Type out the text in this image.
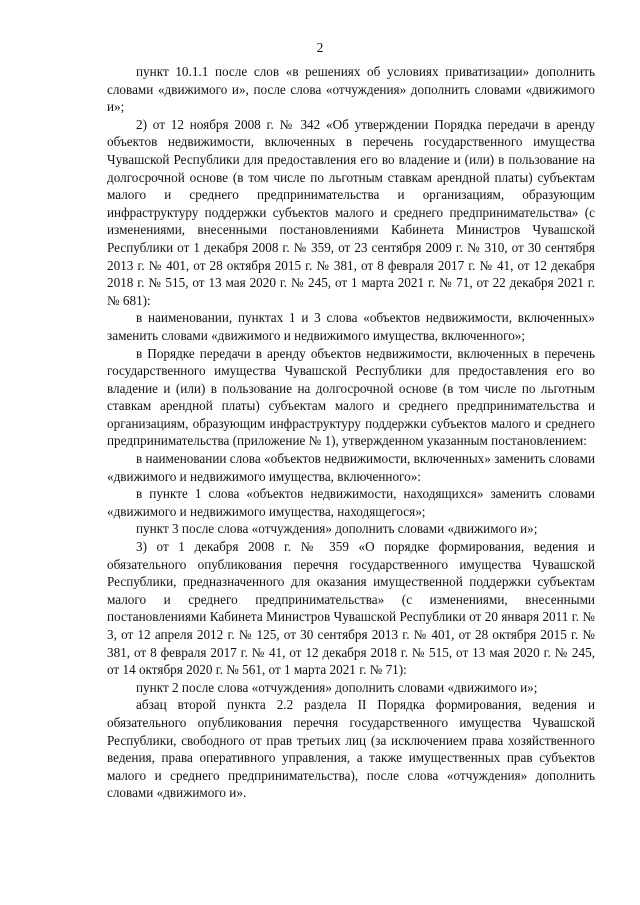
2

пункт 10.1.1 после слов «в решениях об условиях приватизации» дополнить словами «движимого и», после слова «отчуждения» дополнить словами «движимого и»;

2) от 12 ноября 2008 г. № 342 «Об утверждении Порядка передачи в аренду объектов недвижимости, включенных в перечень государственного имущества Чувашской Республики для предоставления его во владение и (или) в пользование на долгосрочной основе (в том числе по льготным ставкам арендной платы) субъектам малого и среднего предпринимательства и организациям, образующим инфраструктуру поддержки субъектов малого и среднего предпринимательства» (с изменениями, внесенными постановлениями Кабинета Министров Чувашской Республики от 1 декабря 2008 г. № 359, от 23 сентября 2009 г. № 310, от 30 сентября 2013 г. № 401, от 28 октября 2015 г. № 381, от 8 февраля 2017 г. № 41, от 12 декабря 2018 г. № 515, от 13 мая 2020 г. № 245, от 1 марта 2021 г. № 71, от 22 декабря 2021 г. № 681):

в наименовании, пунктах 1 и 3 слова «объектов недвижимости, включенных» заменить словами «движимого и недвижимого имущества, включенного»;

в Порядке передачи в аренду объектов недвижимости, включенных в перечень государственного имущества Чувашской Республики для предоставления его во владение и (или) в пользование на долгосрочной основе (в том числе по льготным ставкам арендной платы) субъектам малого и среднего предпринимательства и организациям, образующим инфраструктуру поддержки субъектов малого и среднего предпринимательства (приложение № 1), утвержденном указанным постановлением:

в наименовании слова «объектов недвижимости, включенных» заменить словами «движимого и недвижимого имущества, включенного»:

в пункте 1 слова «объектов недвижимости, находящихся» заменить словами «движимого и недвижимого имущества, находящегося»;

пункт 3 после слова «отчуждения» дополнить словами «движимого и»;

3) от 1 декабря 2008 г. № 359 «О порядке формирования, ведения и обязательного опубликования перечня государственного имущества Чувашской Республики, предназначенного для оказания имущественной поддержки субъектам малого и среднего предпринимательства» (с изменениями, внесенными постановлениями Кабинета Министров Чувашской Республики от 20 января 2011 г. № 3, от 12 апреля 2012 г. № 125, от 30 сентября 2013 г. № 401, от 28 октября 2015 г. № 381, от 8 февраля 2017 г. № 41, от 12 декабря 2018 г. № 515, от 13 мая 2020 г. № 245, от 14 октября 2020 г. № 561, от 1 марта 2021 г. № 71):

пункт 2 после слова «отчуждения» дополнить словами «движимого и»;

абзац второй пункта 2.2 раздела II Порядка формирования, ведения и обязательного опубликования перечня государственного имущества Чувашской Республики, свободного от прав третьих лиц (за исключением права хозяйственного ведения, права оперативного управления, а также имущественных прав субъектов малого и среднего предпринимательства), после слова «отчуждения» дополнить словами «движимого и».
